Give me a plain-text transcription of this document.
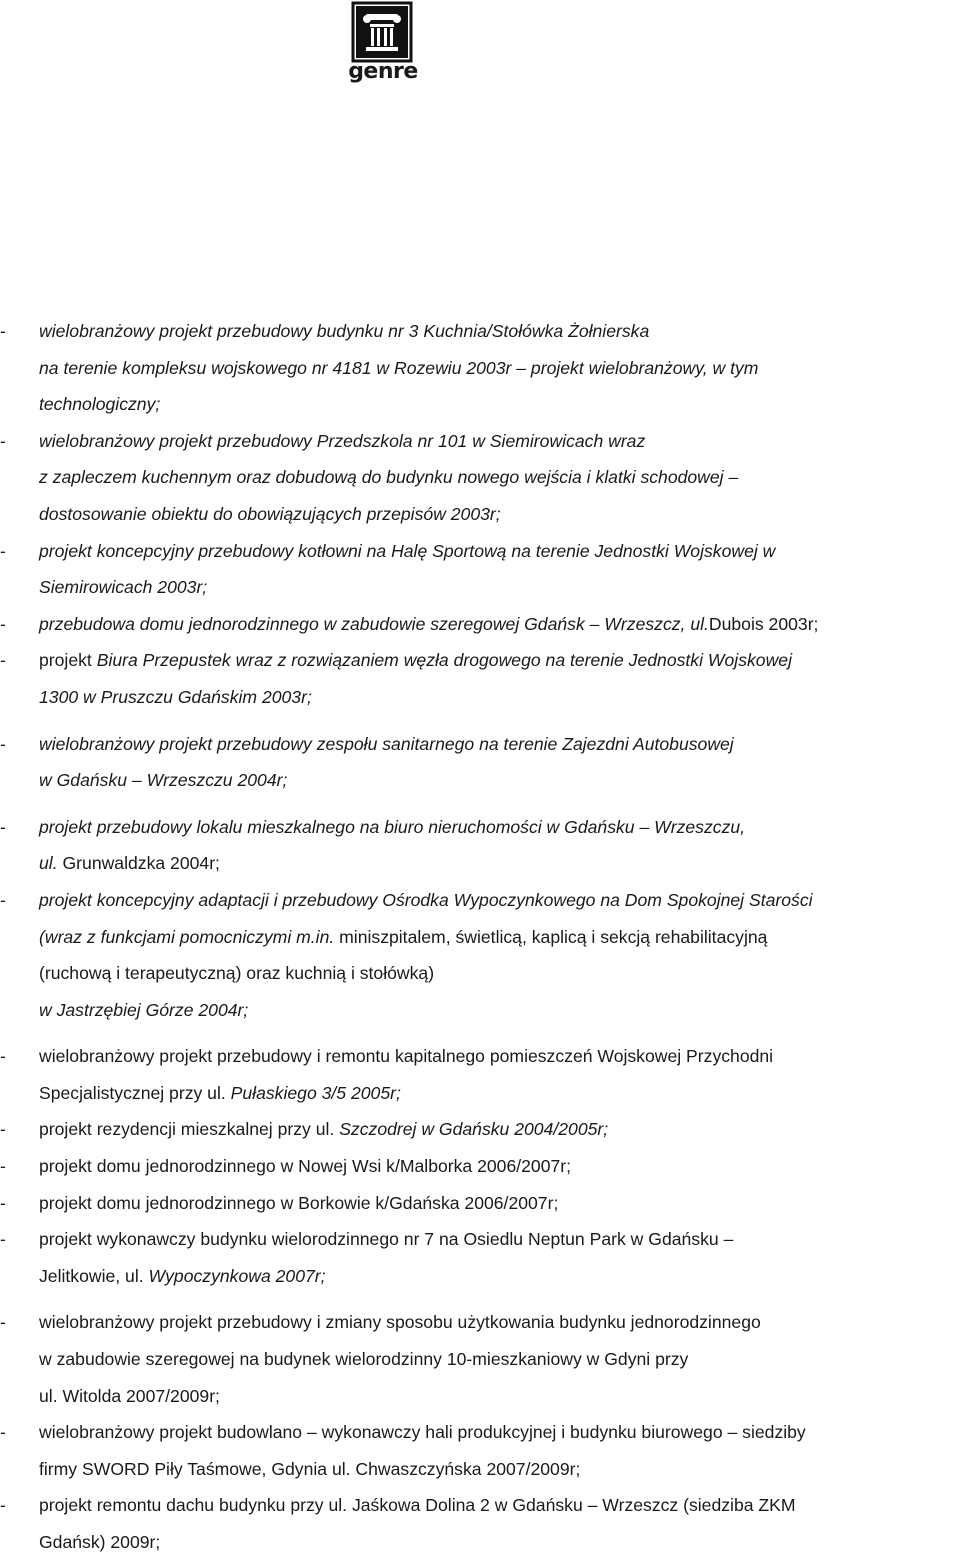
genre
-	wielobranżowy projekt przebudowy budynku nr 3 Kuchnia/Stołówka Żołnierska
na terenie kompleksu wojskowego nr 4181 w Rozewiu 2003r – projekt wielobranżowy, w tym
technologiczny;
-	wielobranżowy projekt przebudowy Przedszkola nr 101 w Siemirowicach wraz
z zapleczem kuchennym oraz dobudową do budynku nowego wejścia i klatki schodowej –
dostosowanie obiektu do obowiązujących przepisów 2003r;
-	projekt koncepcyjny przebudowy kotłowni na Halę Sportową na terenie Jednostki Wojskowej w
Siemirowicach 2003r;
-	przebudowa domu jednorodzinnego w zabudowie szeregowej Gdańsk – Wrzeszcz, ul.Dubois 2003r;
-	projekt Biura Przepustek wraz z rozwiązaniem węzła drogowego na terenie Jednostki Wojskowej
1300 w Pruszczu Gdańskim 2003r;
-	wielobranżowy projekt przebudowy zespołu sanitarnego na terenie Zajezdni Autobusowej
w Gdańsku – Wrzeszczu 2004r;
-	projekt przebudowy lokalu mieszkalnego na biuro nieruchomości w Gdańsku – Wrzeszczu,
ul. Grunwaldzka 2004r;
-	projekt koncepcyjny adaptacji i przebudowy Ośrodka Wypoczynkowego na Dom Spokojnej Starości
(wraz z funkcjami pomocniczymi m.in. miniszpitalem, świetlicą, kaplicą i sekcją rehabilitacyjną
(ruchową i terapeutyczną) oraz kuchnią i stołówką)
w Jastrzębiej Górze 2004r;
-	wielobranżowy projekt przebudowy i remontu kapitalnego pomieszczeń Wojskowej Przychodni
Specjalistycznej przy ul. Pułaskiego 3/5 2005r;
-	projekt rezydencji mieszkalnej przy ul. Szczodrej w Gdańsku 2004/2005r;
-	projekt domu jednorodzinnego w Nowej Wsi k/Malborka 2006/2007r;
-	projekt domu jednorodzinnego w Borkowie k/Gdańska 2006/2007r;
-	projekt wykonawczy budynku wielorodzinnego nr 7 na Osiedlu Neptun Park w Gdańsku –
Jelitkowie, ul. Wypoczynkowa 2007r;
-	wielobranżowy projekt przebudowy i zmiany sposobu użytkowania budynku jednorodzinnego
w zabudowie szeregowej na budynek wielorodzinny 10-mieszkaniowy w Gdyni przy
ul. Witolda 2007/2009r;
-	wielobranżowy projekt budowlano – wykonawczy hali produkcyjnej i budynku biurowego – siedziby
firmy SWORD Piły Taśmowe, Gdynia ul. Chwaszczyńska 2007/2009r;
-	projekt remontu dachu budynku przy ul. Jaśkowa Dolina 2 w Gdańsku – Wrzeszcz (siedziba ZKM
Gdańsk) 2009r;
